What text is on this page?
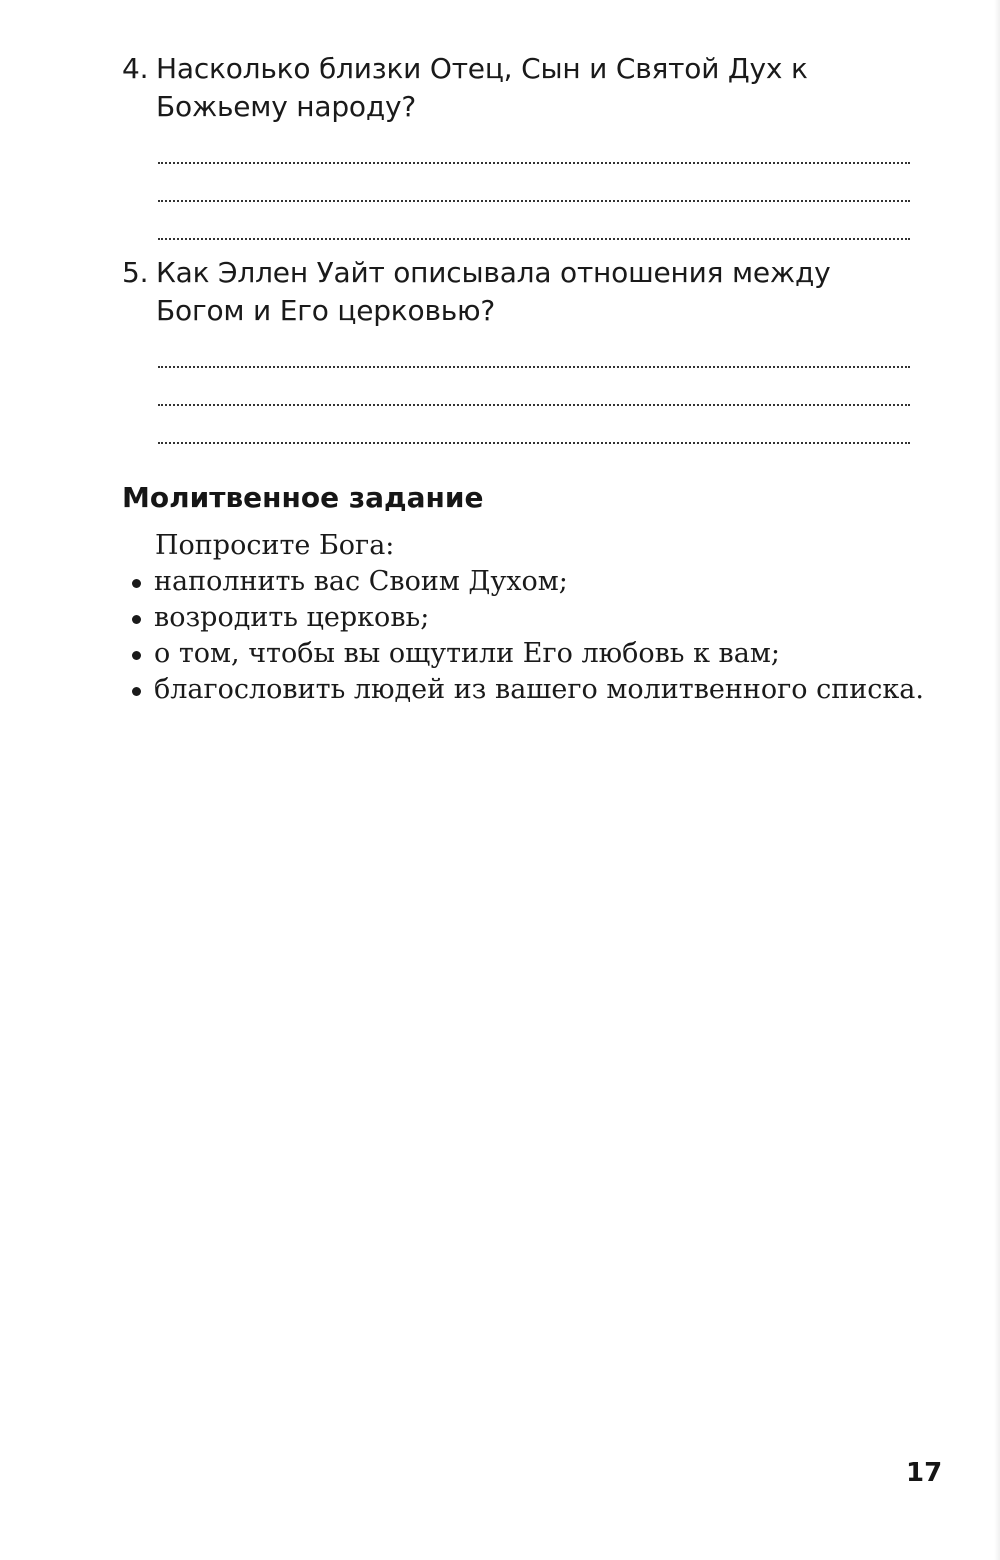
4. Насколько близки Отец, Сын и Святой Дух к Божьему народу?
5. Как Эллен Уайт описывала отношения между Богом и Его церковью?
Молитвенное задание
Попросите Бога:
наполнить вас Своим Духом;
возродить церковь;
о том, чтобы вы ощутили Его любовь к вам;
благословить людей из вашего молитвенного списка.
17
